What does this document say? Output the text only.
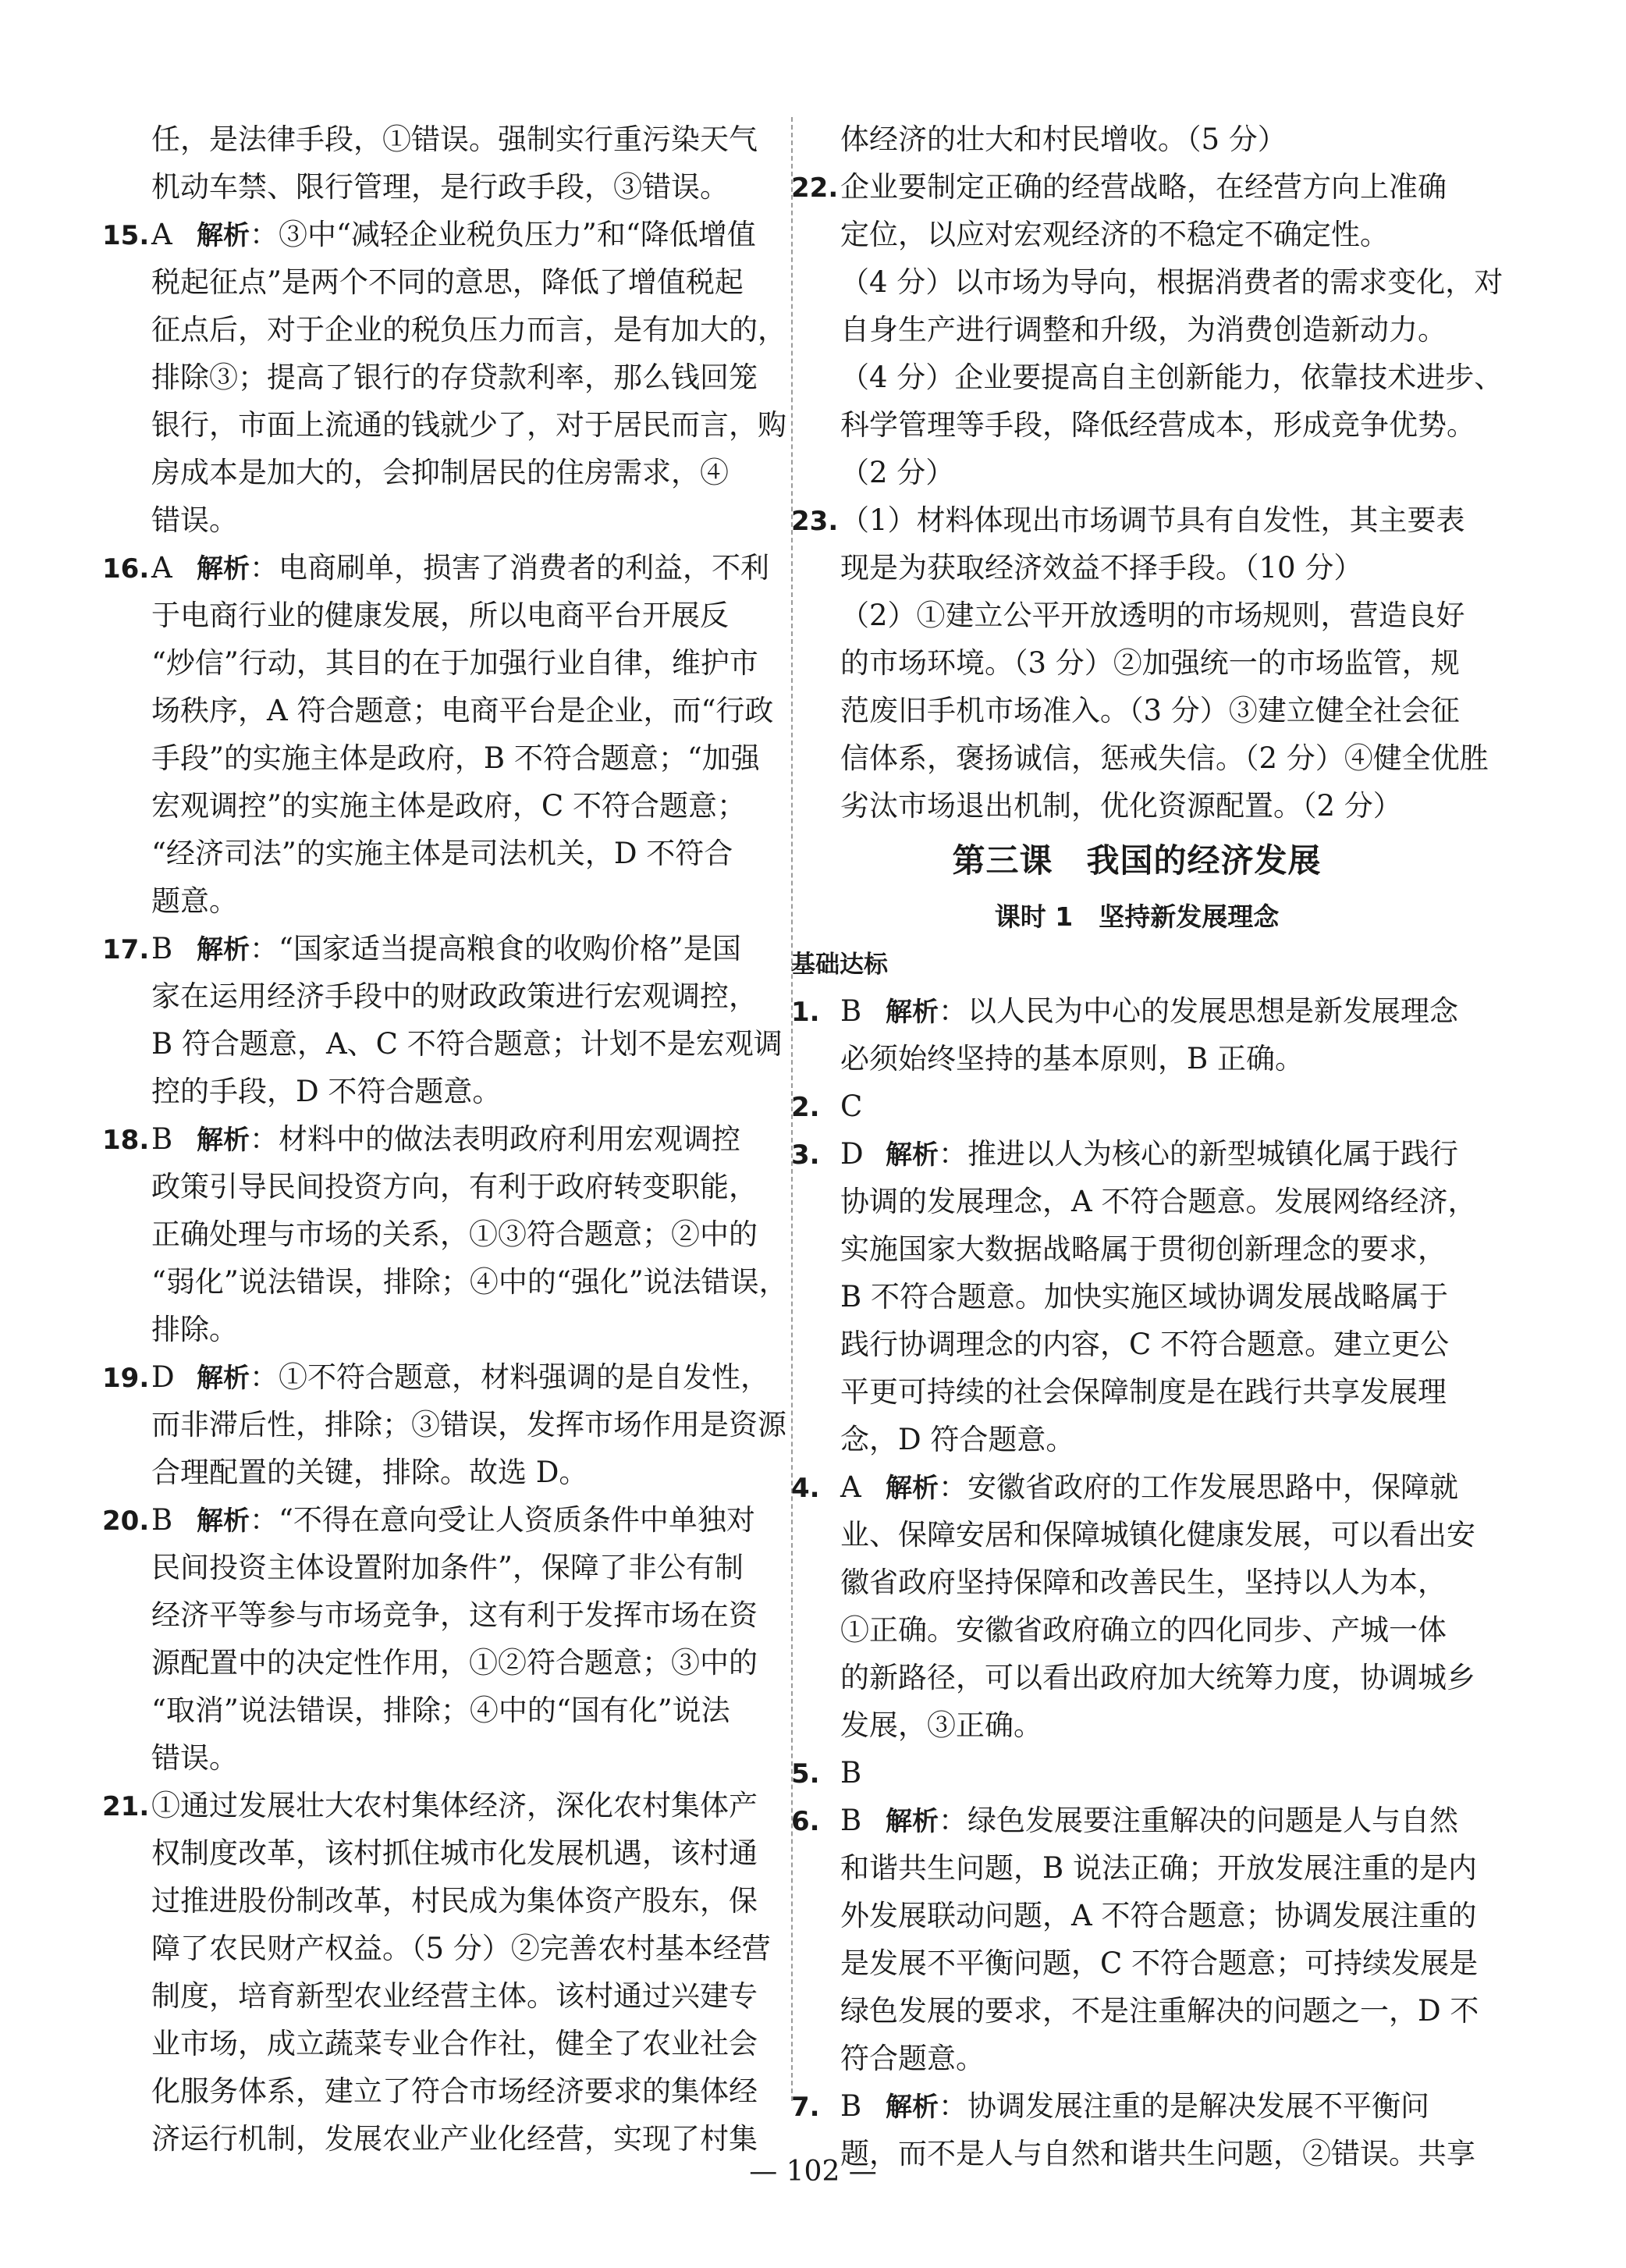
任，是法律手段，①错误。强制实行重污染天气
机动车禁、限行管理，是行政手段，③错误。
15.A 解析：③中“减轻企业税负压力”和“降低增值
税起征点”是两个不同的意思，降低了增值税起
征点后，对于企业的税负压力而言，是有加大的，
排除③；提高了银行的存贷款利率，那么钱回笼
银行，市面上流通的钱就少了，对于居民而言，购
房成本是加大的，会抑制居民的住房需求，④
错误。
16.A 解析：电商刷单，损害了消费者的利益，不利
于电商行业的健康发展，所以电商平台开展反
“炒信”行动，其目的在于加强行业自律，维护市
场秩序，A 符合题意；电商平台是企业，而“行政
手段”的实施主体是政府，B 不符合题意；“加强
宏观调控”的实施主体是政府，C 不符合题意；
“经济司法”的实施主体是司法机关，D 不符合
题意。
17.B 解析：“国家适当提高粮食的收购价格”是国
家在运用经济手段中的财政政策进行宏观调控，
B 符合题意，A、C 不符合题意；计划不是宏观调
控的手段，D 不符合题意。
18.B 解析：材料中的做法表明政府利用宏观调控
政策引导民间投资方向，有利于政府转变职能，
正确处理与市场的关系，①③符合题意；②中的
“弱化”说法错误，排除；④中的“强化”说法错误，
排除。
19.D 解析：①不符合题意，材料强调的是自发性，
而非滞后性，排除；③错误，发挥市场作用是资源
合理配置的关键，排除。故选 D。
20.B 解析：“不得在意向受让人资质条件中单独对
民间投资主体设置附加条件”，保障了非公有制
经济平等参与市场竞争，这有利于发挥市场在资
源配置中的决定性作用，①②符合题意；③中的
“取消”说法错误，排除；④中的“国有化”说法
错误。
21.①通过发展壮大农村集体经济，深化农村集体产
权制度改革，该村抓住城市化发展机遇，该村通
过推进股份制改革，村民成为集体资产股东，保
障了农民财产权益。（5 分）②完善农村基本经营
制度，培育新型农业经营主体。该村通过兴建专
业市场，成立蔬菜专业合作社，健全了农业社会
化服务体系，建立了符合市场经济要求的集体经
济运行机制，发展农业产业化经营，实现了村集
体经济的壮大和村民增收。（5 分）
22.企业要制定正确的经营战略，在经营方向上准确
定位，以应对宏观经济的不稳定不确定性。
（4 分）以市场为导向，根据消费者的需求变化，对
自身生产进行调整和升级，为消费创造新动力。
（4 分）企业要提高自主创新能力，依靠技术进步、
科学管理等手段，降低经营成本，形成竞争优势。
（2 分）
23.（1）材料体现出市场调节具有自发性，其主要表
现是为获取经济效益不择手段。（10 分）
（2）①建立公平开放透明的市场规则，营造良好
的市场环境。（3 分）②加强统一的市场监管，规
范废旧手机市场准入。（3 分）③建立健全社会征
信体系，褒扬诚信，惩戒失信。（2 分）④健全优胜
劣汰市场退出机制，优化资源配置。（2 分）
第三课　我国的经济发展
课时 1　坚持新发展理念
基础达标
1. B 解析：以人民为中心的发展思想是新发展理念
必须始终坚持的基本原则，B 正确。
2. C
3. D 解析：推进以人为核心的新型城镇化属于践行
协调的发展理念，A 不符合题意。发展网络经济，
实施国家大数据战略属于贯彻创新理念的要求，
B 不符合题意。加快实施区域协调发展战略属于
践行协调理念的内容，C 不符合题意。建立更公
平更可持续的社会保障制度是在践行共享发展理
念，D 符合题意。
4. A 解析：安徽省政府的工作发展思路中，保障就
业、保障安居和保障城镇化健康发展，可以看出安
徽省政府坚持保障和改善民生，坚持以人为本，
①正确。安徽省政府确立的四化同步、产城一体
的新路径，可以看出政府加大统筹力度，协调城乡
发展，③正确。
5. B
6. B 解析：绿色发展要注重解决的问题是人与自然
和谐共生问题，B 说法正确；开放发展注重的是内
外发展联动问题，A 不符合题意；协调发展注重的
是发展不平衡问题，C 不符合题意；可持续发展是
绿色发展的要求，不是注重解决的问题之一，D 不
符合题意。
7. B 解析：协调发展注重的是解决发展不平衡问
题，而不是人与自然和谐共生问题，②错误。共享
— 102 —
